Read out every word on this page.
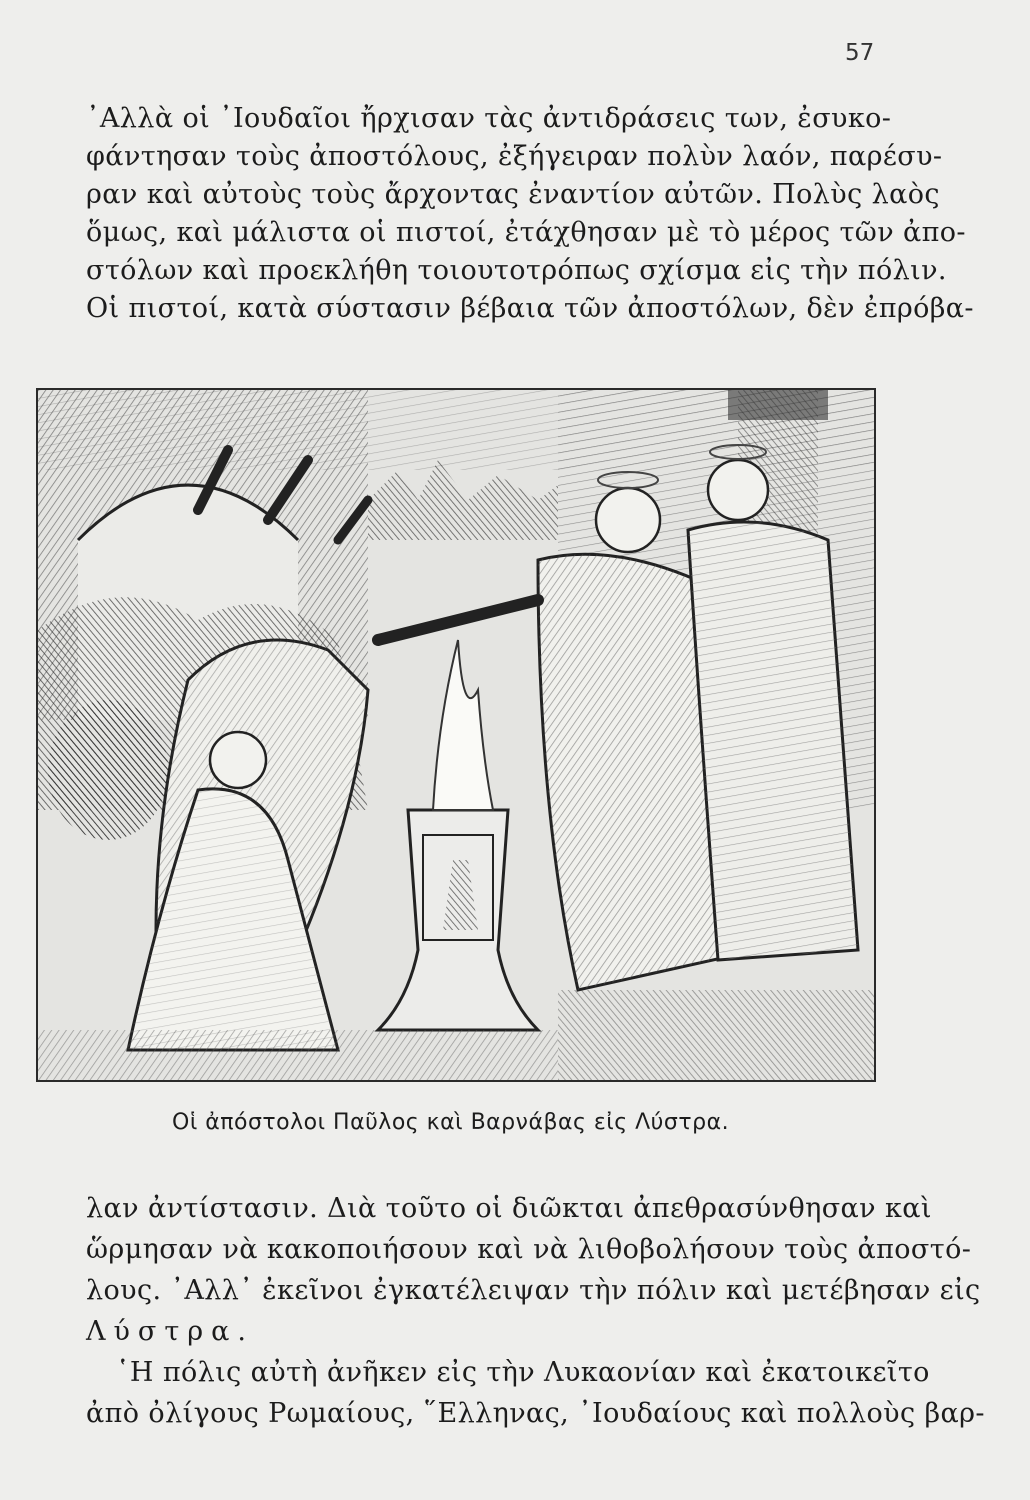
57
᾿Αλλὰ οἱ ᾿Ιουδαῖοι ἤρχισαν τὰς ἀντιδράσεις των, ἐσυκο-
φάντησαν τοὺς ἀποστόλους, ἐξήγειραν πολὺν λαόν, παρέσυ-
ραν καὶ αὐτοὺς τοὺς ἄρχοντας ἐναντίον αὐτῶν. Πολὺς λαὸς
ὅμως, καὶ μάλιστα οἱ πιστοί, ἐτάχθησαν μὲ τὸ μέρος τῶν ἀπο-
στόλων καὶ προεκλήθη τοιουτοτρόπως σχίσμα εἰς τὴν πόλιν.
Οἱ πιστοί, κατὰ σύστασιν βέβαια τῶν ἀποστόλων, δὲν ἐπρόβα-
Οἱ ἀπόστολοι Παῦλος καὶ Βαρνάβας εἰς Λύστρα.
λαν ἀντίστασιν. Διὰ τοῦτο οἱ διῶκται ἀπεθρασύνθησαν καὶ
ὥρμησαν νὰ κακοποιήσουν καὶ νὰ λιθοβολήσουν τοὺς ἀποστό-
λους. ᾿Αλλ᾿ ἐκεῖνοι ἐγκατέλειψαν τὴν πόλιν καὶ μετέβησαν εἰς
Λύστρα.
῾Η πόλις αὐτὴ ἀνῆκεν εἰς τὴν Λυκαονίαν καὶ ἐκατοικεῖτο
ἀπὸ ὀλίγους Ρωμαίους, ῞Ελληνας, ᾿Ιουδαίους καὶ πολλοὺς βαρ-
